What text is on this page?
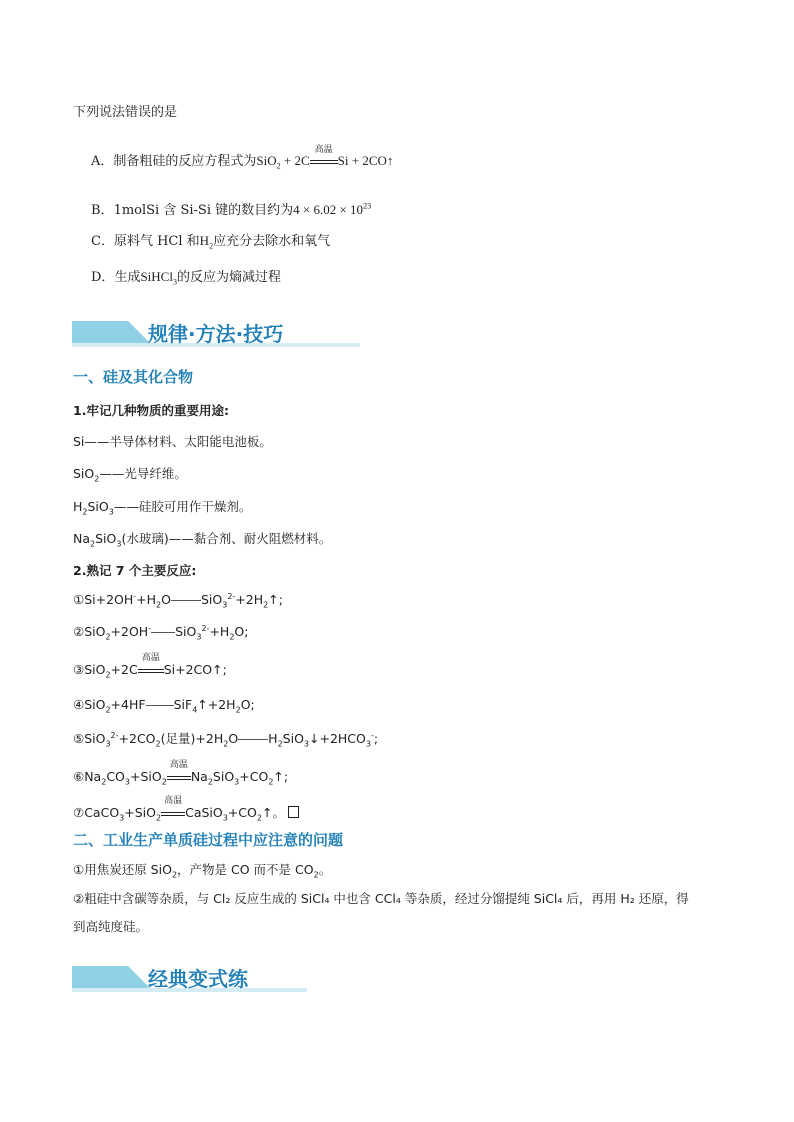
下列说法错误的是
A．制备粗硅的反应方程式为SiO$_2$ + 2C
高温
Si + 2CO↑
B．1molSi 含 Si-Si 键的数目约为$4 \times 6.02 \times 10^{23}$
C．原料气 HCl 和$H_2$应充分去除水和氧气
D．生成SiHCl$_3$的反应为熵减过程
规律·方法·技巧
一、硅及其化合物
1.牢记几种物质的重要用途:
Si——半导体材料、太阳能电池板。
SiO$_2$——光导纤维。
$H_2SiO_3——$硅胶可用作干燥剂。
$Na_2SiO_3$(水玻璃)——黏合剂、耐火阻燃材料。
2.熟记 7 个主要反应:
$①Si+2OH^-+H_2O$ $SiO_3^{2-}+2H_2↑$;
②SiO$_2$+2OH- $SiO_3^{2-}+H_2O$;
③SiO$_2$+2C
高温
Si+2CO↑;
④SiO$_2$+4HF $SiF_4↑+2H_2O$;
$⑤SiO_3^{2-}+2CO_2$(足量)$+2H_2O$ $H_2SiO_3↓+2HCO_3^-$;
$⑥Na_2CO_3+SiO_2$
高温
$Na_2SiO_3+CO_2↑$;
⑦CaCO$_3$+SiO$_2$
高温
$CaSiO_3+CO_2↑$。
二、工业生产单质硅过程中应注意的问题
①用焦炭还原 SiO$_2$，产物是 CO 而不是 $CO_2$。
②粗硅中含碳等杂质，与 Cl₂ 反应生成的 SiCl₄ 中也含 CCl₄ 等杂质，经过分馏提纯 SiCl₄ 后，再用 H₂ 还原，得
到高纯度硅。
经典变式练
